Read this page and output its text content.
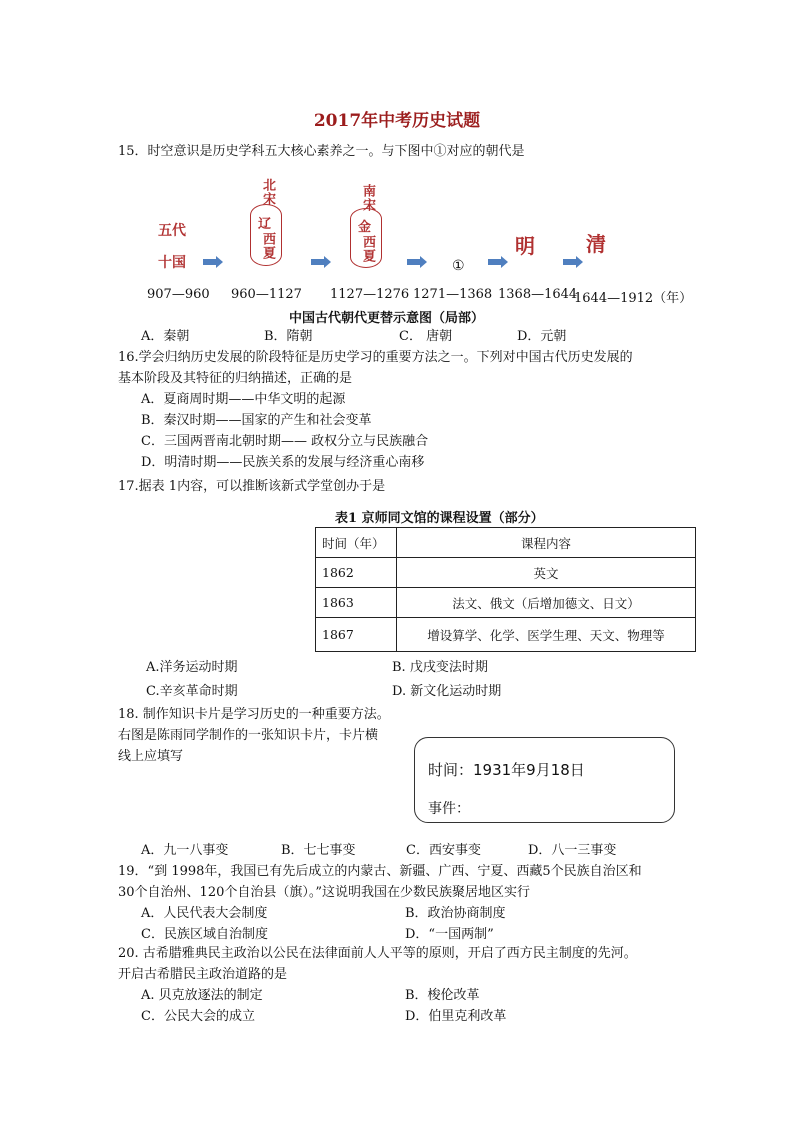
2017年中考历史试题
15．时空意识是历史学科五大核心素养之一。与下图中①对应的朝代是
五代
十国
北宋
辽
西夏
南宋
金
西夏
①
明	清
907—960 960—1127 1127—1276 1271—1368 1368—1644
1644—1912（年）
中国古代朝代更替示意图（局部）
A．秦朝	B．隋朝	C． 唐朝	D．元朝
16.学会归纳历史发展的阶段特征是历史学习的重要方法之一。下列对中国古代历史发展的
基本阶段及其特征的归纳描述，正确的是
A．夏商周时期——中华文明的起源
B．秦汉时期——国家的产生和社会变革
C．三国两晋南北朝时期—— 政权分立与民族融合
D．明清时期——民族关系的发展与经济重心南移
17.据表 1内容，可以推断该新式学堂创办于是
表1 京师同文馆的课程设置（部分）
时间（年）	课程内容
1862	英文
1863	法文、俄文（后增加德文、日文）
1867	增设算学、化学、医学生理、天文、物理等
A.洋务运动时期	B. 戊戌变法时期
C.辛亥革命时期	D. 新文化运动时期
18. 制作知识卡片是学习历史的一种重要方法。
右图是陈雨同学制作的一张知识卡片，卡片横
线上应填写
时间：1931年9月18日
事件：
A．九一八事变	B．七七事变	C．西安事变	D．八一三事变
19．“到 1998年，我国已有先后成立的内蒙古、新疆、广西、宁夏、西藏5个民族自治区和
30个自治州、120个自治县（旗）。”这说明我国在少数民族聚居地区实行
A．人民代表大会制度	B．政治协商制度
C．民族区域自治制度	D．“一国两制”
20. 古希腊雅典民主政治以公民在法律面前人人平等的原则，开启了西方民主制度的先河。
开启古希腊民主政治道路的是
A. 贝克放逐法的制定	B．梭伦改革
C．公民大会的成立	D．伯里克利改革
